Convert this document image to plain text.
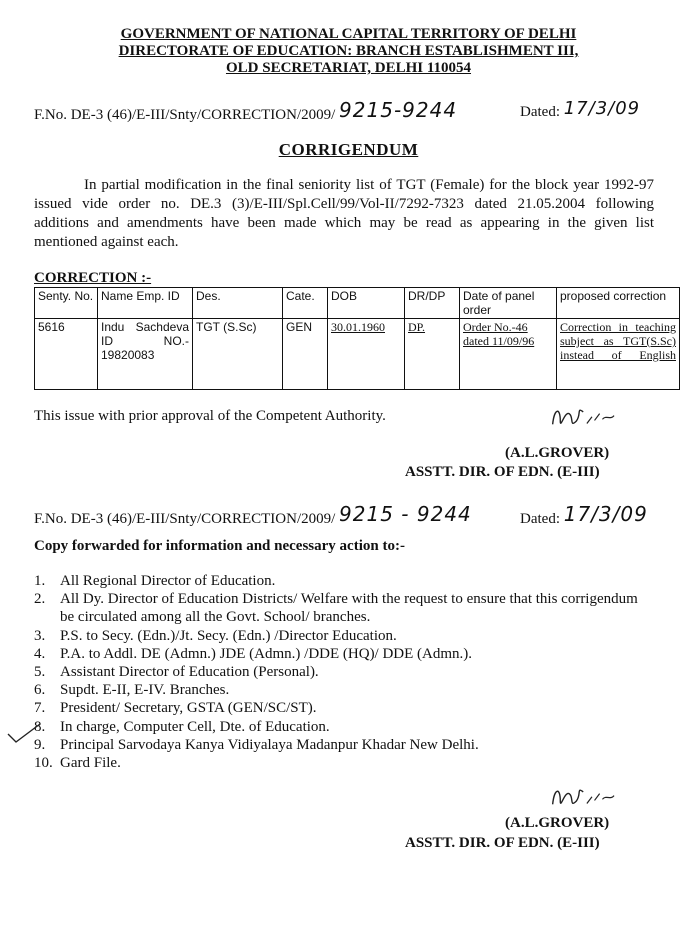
GOVERNMENT OF NATIONAL CAPITAL TERRITORY OF DELHI
DIRECTORATE OF EDUCATION: BRANCH ESTABLISHMENT III,
OLD SECRETARIAT, DELHI 110054
F.No. DE-3 (46)/E-III/Snty/CORRECTION/2009/ 9215-9244	Dated: 17/3/09
CORRIGENDUM
In partial modification in the final seniority list of TGT (Female) for the block year 1992-97 issued vide order no. DE.3 (3)/E-III/Spl.Cell/99/Vol-II/7292-7323 dated 21.05.2004 following additions and amendments have been made which may be read as appearing in the given list mentioned against each.
CORRECTION :-
Senty. No.	Name Emp. ID	Des.	Cate.	DOB	DR/DP	Date of panel order	proposed correction
5616	Indu Sachdeva ID NO.- 19820083	TGT (S.Sc)	GEN	30.01.1960	DP.	Order No.-46 dated 11/09/96	Correction in teaching subject as TGT(S.Sc) instead of English
This issue with prior approval of the Competent Authority.
(A.L.GROVER)
ASSTT. DIR. OF EDN. (E-III)
F.No. DE-3 (46)/E-III/Snty/CORRECTION/2009/ 9215 - 9244	Dated: 17/3/09
Copy forwarded for information and necessary action to:-
1. All Regional Director of Education.
2. All Dy. Director of Education Districts/ Welfare with the request to ensure that this corrigendum be circulated among all the Govt. School/ branches.
3. P.S. to Secy. (Edn.)/Jt. Secy. (Edn.) /Director Education.
4. P.A. to Addl. DE (Admn.) JDE (Admn.) /DDE (HQ)/ DDE (Admn.).
5. Assistant Director of Education (Personal).
6. Supdt. E-II, E-IV. Branches.
7. President/ Secretary, GSTA (GEN/SC/ST).
8. In charge, Computer Cell, Dte. of Education.
9. Principal Sarvodaya Kanya Vidiyalaya Madanpur Khadar New Delhi.
10. Gard File.
(A.L.GROVER)
ASSTT. DIR. OF EDN. (E-III)
